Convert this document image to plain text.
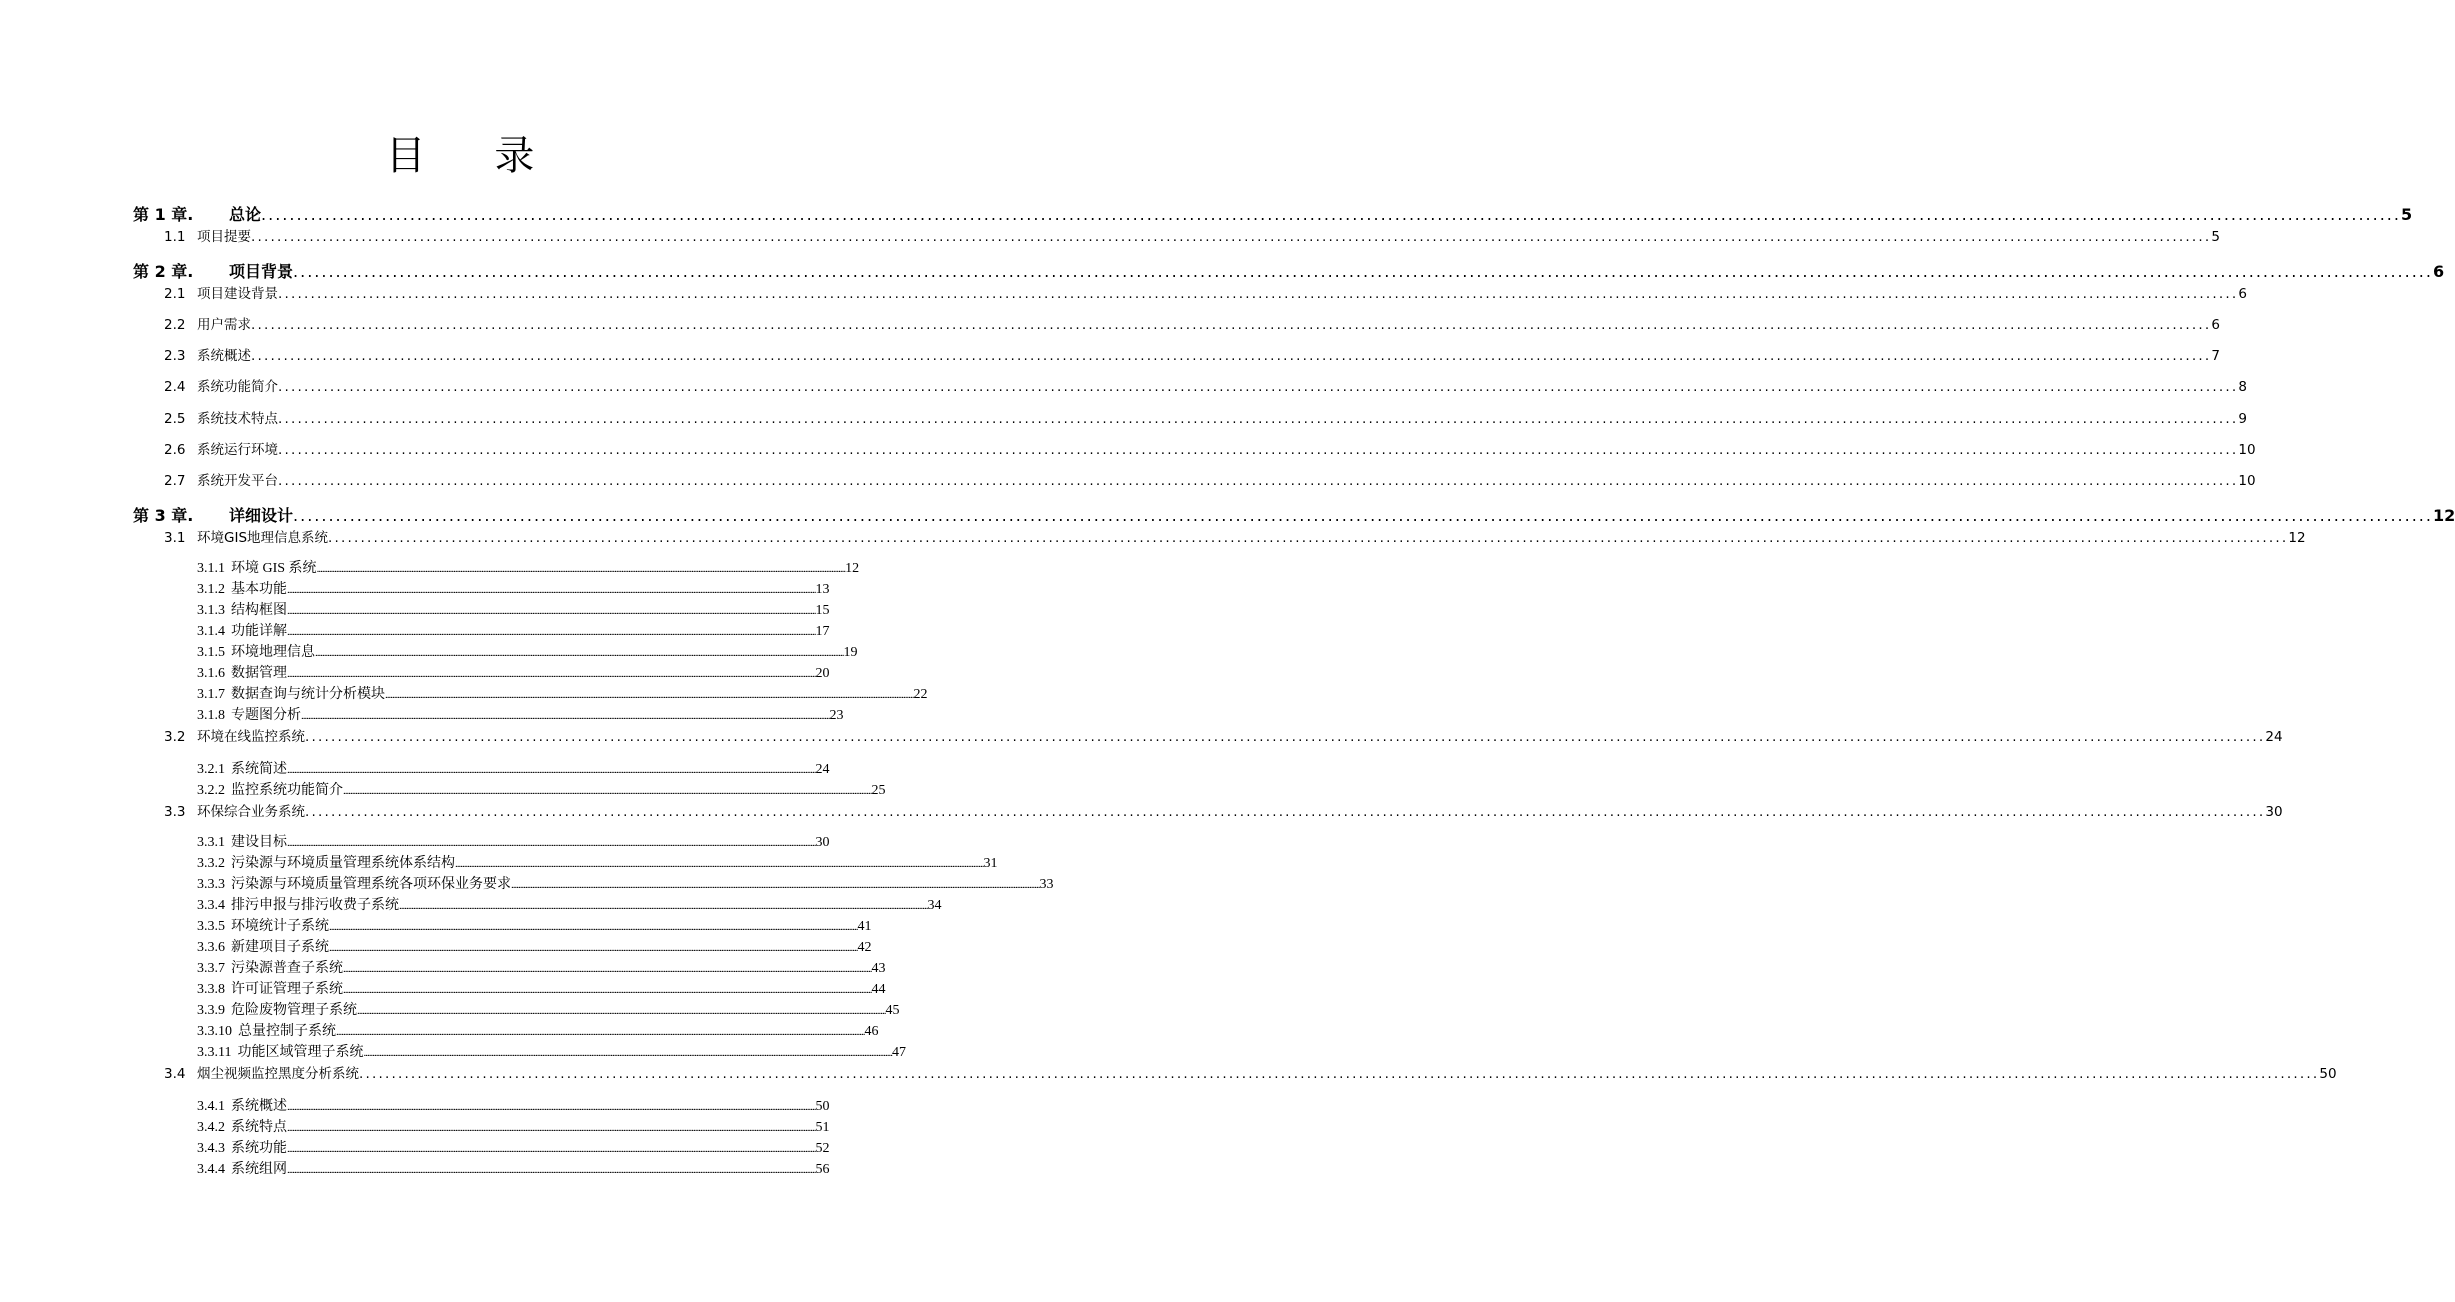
目 录
第 1 章. 总论 .............................................................................................................................................................................................................................................................................................................. 5
1.1 项目提要 .............................................................................................................................................................................................................................................................................................................. 5
第 2 章. 项目背景 .............................................................................................................................................................................................................................................................................................................. 6
2.1 项目建设背景 .............................................................................................................................................................................................................................................................................................................. 6
2.2 用户需求 .............................................................................................................................................................................................................................................................................................................. 6
2.3 系统概述 .............................................................................................................................................................................................................................................................................................................. 7
2.4 系统功能简介 .............................................................................................................................................................................................................................................................................................................. 8
2.5 系统技术特点 .............................................................................................................................................................................................................................................................................................................. 9
2.6 系统运行环境 .............................................................................................................................................................................................................................................................................................................. 10
2.7 系统开发平台 .............................................................................................................................................................................................................................................................................................................. 10
第 3 章. 详细设计 .............................................................................................................................................................................................................................................................................................................. 12
3.1 环境GIS地理信息系统 .............................................................................................................................................................................................................................................................................................................. 12
3.1.1 环境 GIS 系统 .............................................................................................................................................................................................................................................................................................................. 12
3.1.2 基本功能 .............................................................................................................................................................................................................................................................................................................. 13
3.1.3 结构框图 .............................................................................................................................................................................................................................................................................................................. 15
3.1.4 功能详解 .............................................................................................................................................................................................................................................................................................................. 17
3.1.5 环境地理信息 .............................................................................................................................................................................................................................................................................................................. 19
3.1.6 数据管理 .............................................................................................................................................................................................................................................................................................................. 20
3.1.7 数据查询与统计分析模块 .............................................................................................................................................................................................................................................................................................................. 22
3.1.8 专题图分析 .............................................................................................................................................................................................................................................................................................................. 23
3.2 环境在线监控系统 .............................................................................................................................................................................................................................................................................................................. 24
3.2.1 系统简述 .............................................................................................................................................................................................................................................................................................................. 24
3.2.2 监控系统功能简介 .............................................................................................................................................................................................................................................................................................................. 25
3.3 环保综合业务系统 .............................................................................................................................................................................................................................................................................................................. 30
3.3.1 建设目标 .............................................................................................................................................................................................................................................................................................................. 30
3.3.2 污染源与环境质量管理系统体系结构 .............................................................................................................................................................................................................................................................................................................. 31
3.3.3 污染源与环境质量管理系统各项环保业务要求 .............................................................................................................................................................................................................................................................................................................. 33
3.3.4 排污申报与排污收费子系统 .............................................................................................................................................................................................................................................................................................................. 34
3.3.5 环境统计子系统 .............................................................................................................................................................................................................................................................................................................. 41
3.3.6 新建项目子系统 .............................................................................................................................................................................................................................................................................................................. 42
3.3.7 污染源普查子系统 .............................................................................................................................................................................................................................................................................................................. 43
3.3.8 许可证管理子系统 .............................................................................................................................................................................................................................................................................................................. 44
3.3.9 危险废物管理子系统 .............................................................................................................................................................................................................................................................................................................. 45
3.3.10 总量控制子系统 .............................................................................................................................................................................................................................................................................................................. 46
3.3.11 功能区域管理子系统 .............................................................................................................................................................................................................................................................................................................. 47
3.4 烟尘视频监控黑度分析系统 .............................................................................................................................................................................................................................................................................................................. 50
3.4.1 系统概述 .............................................................................................................................................................................................................................................................................................................. 50
3.4.2 系统特点 .............................................................................................................................................................................................................................................................................................................. 51
3.4.3 系统功能 .............................................................................................................................................................................................................................................................................................................. 52
3.4.4 系统组网 .............................................................................................................................................................................................................................................................................................................. 56
